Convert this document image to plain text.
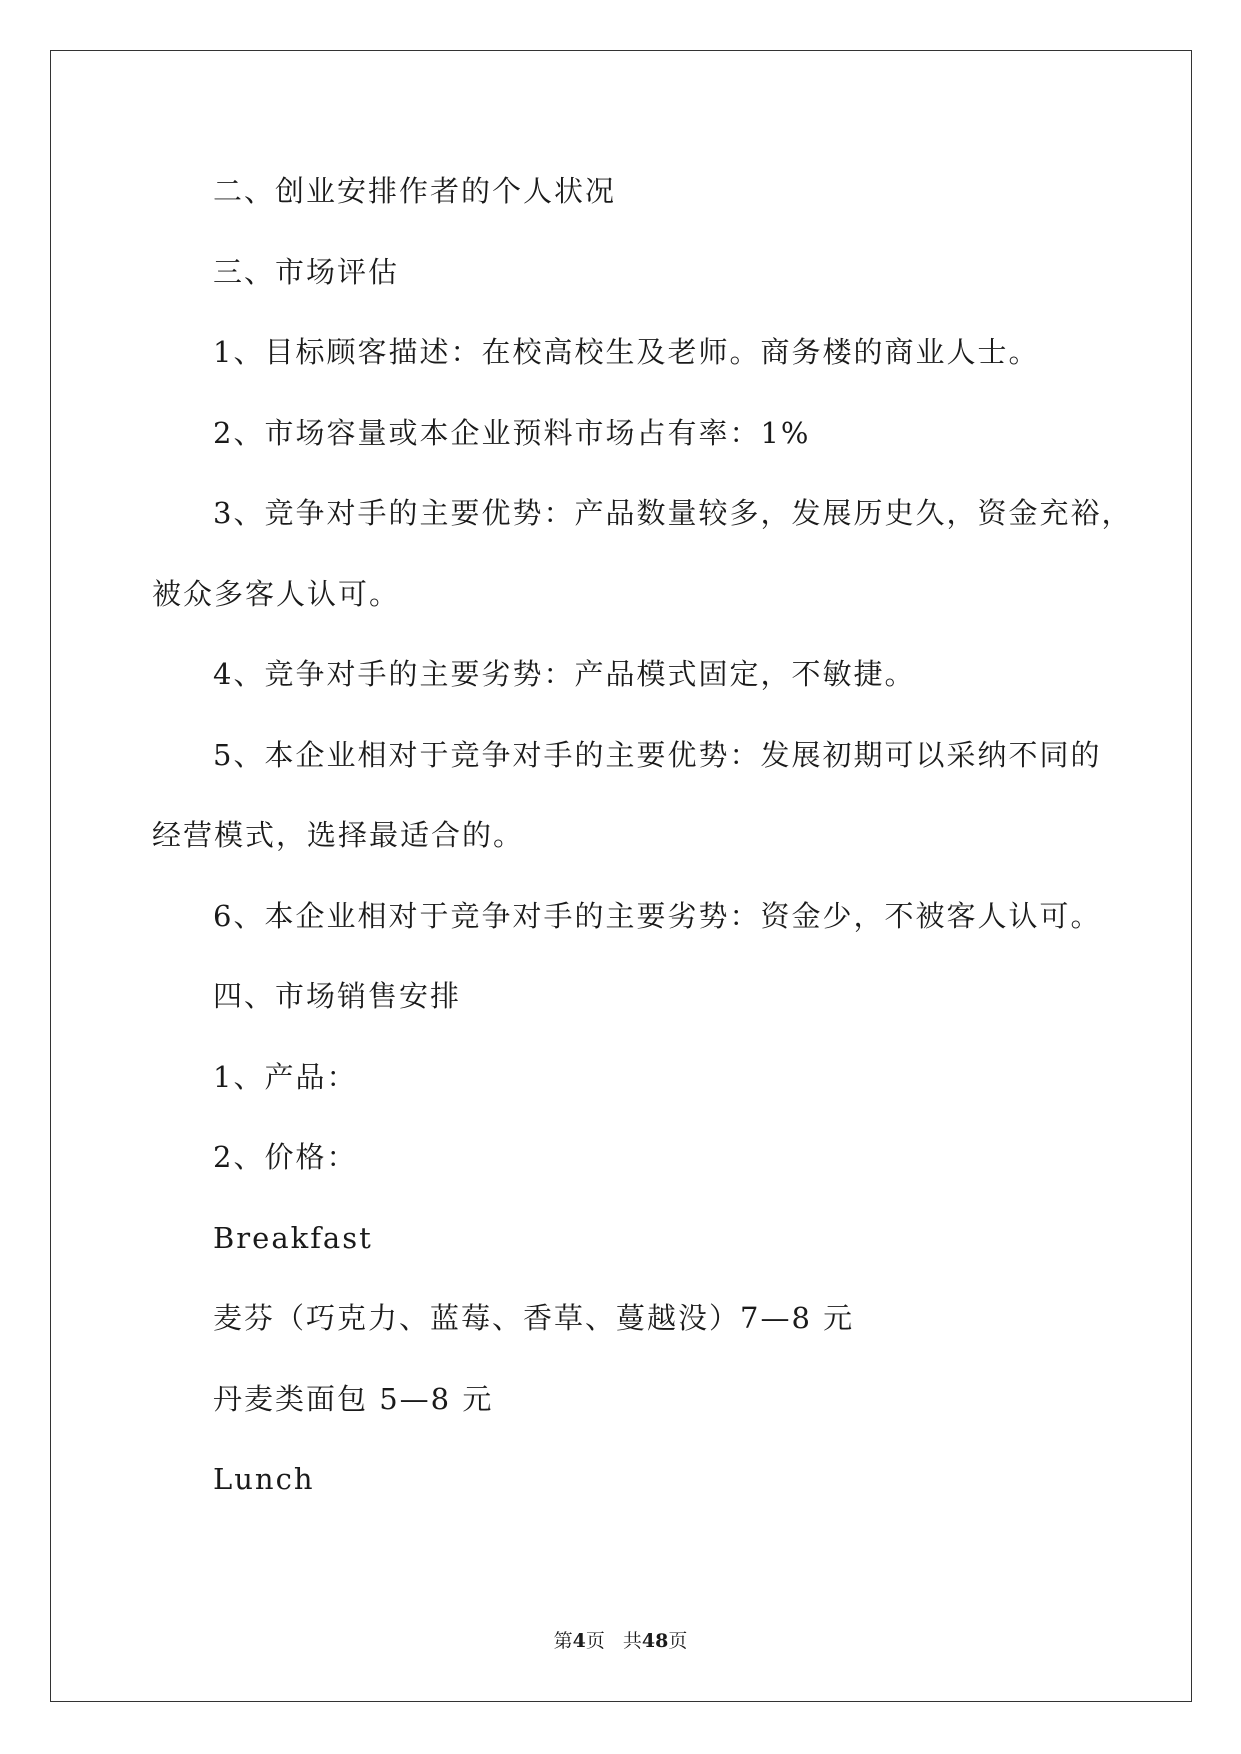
二、创业安排作者的个人状况
三、市场评估
1、目标顾客描述：在校高校生及老师。商务楼的商业人士。
2、市场容量或本企业预料市场占有率：1%
3、竞争对手的主要优势：产品数量较多，发展历史久，资金充裕，
被众多客人认可。
4、竞争对手的主要劣势：产品模式固定，不敏捷。
5、本企业相对于竞争对手的主要优势：发展初期可以采纳不同的
经营模式，选择最适合的。
6、本企业相对于竞争对手的主要劣势：资金少，不被客人认可。
四、市场销售安排
1、产品：
2、价格：
Breakfast
麦芬（巧克力、蓝莓、香草、蔓越没）7—8 元
丹麦类面包 5—8 元
Lunch
第4页 共48页
